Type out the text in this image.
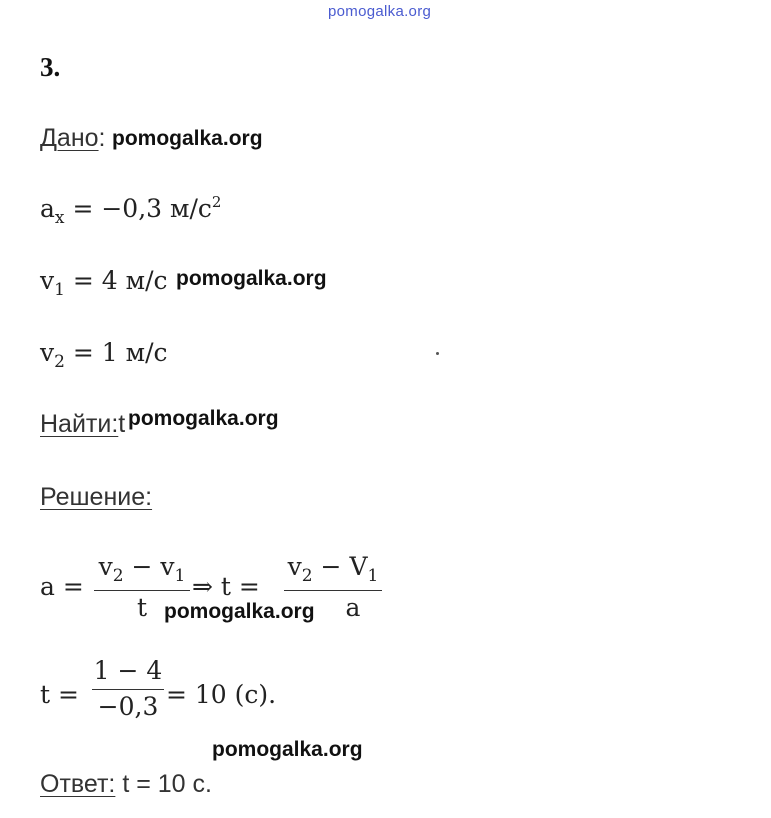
pomogalka.org
3.
Дано: pomogalka.org
$a_x = -0,3$ $м/с^2$
$v_1 = 4$ м/с pomogalka.org
$v_2 = 1$ м/с
Найти:t pomogalka.org
Решение:
a =
$v_2 - v_1$
t
⇒ t =
$v_2 - V_1$
a
pomogalka.org
t =
1 − 4
−0,3 = 10 (с).
pomogalka.org
Ответ: t = 10 с.
